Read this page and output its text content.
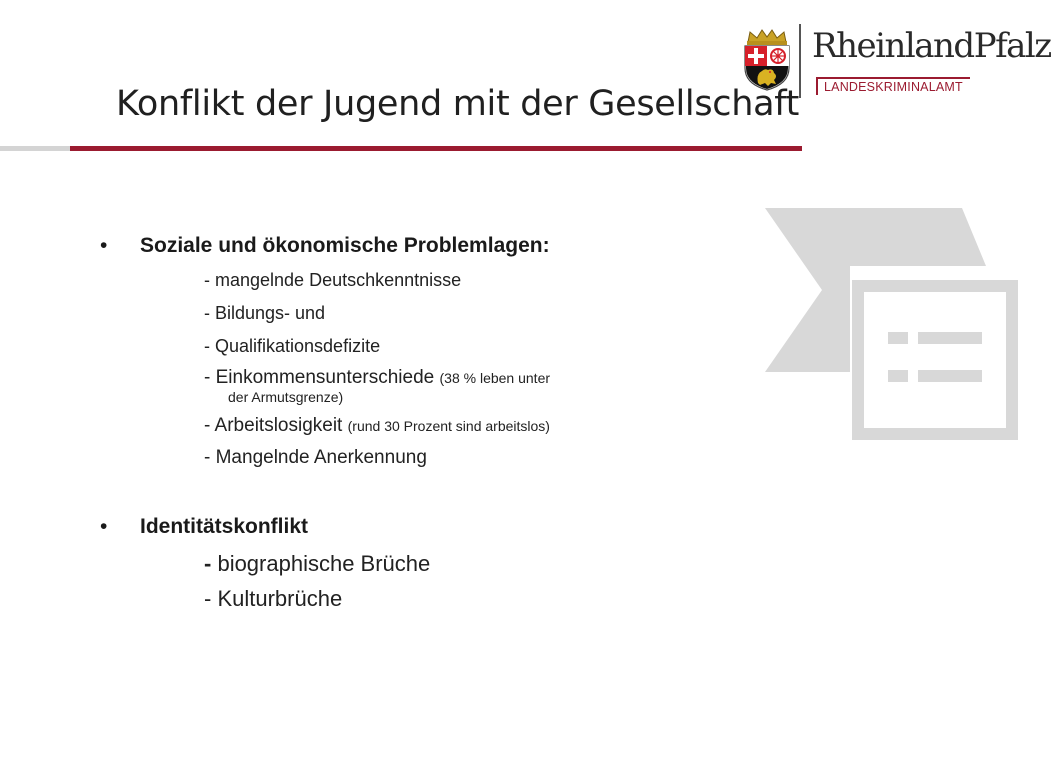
RheinlandPfalz
LANDESKRIMINALAMT
Konflikt der Jugend mit der Gesellschaft
• Soziale und ökonomische Problemlagen:
- mangelnde Deutschkenntnisse
- Bildungs- und
- Qualifikationsdefizite
- Einkommensunterschiede (38 % leben unter
der Armutsgrenze)
- Arbeitslosigkeit (rund 30 Prozent sind arbeitslos)
- Mangelnde Anerkennung
• Identitätskonflikt
- biographische Brüche
- Kulturbrüche
